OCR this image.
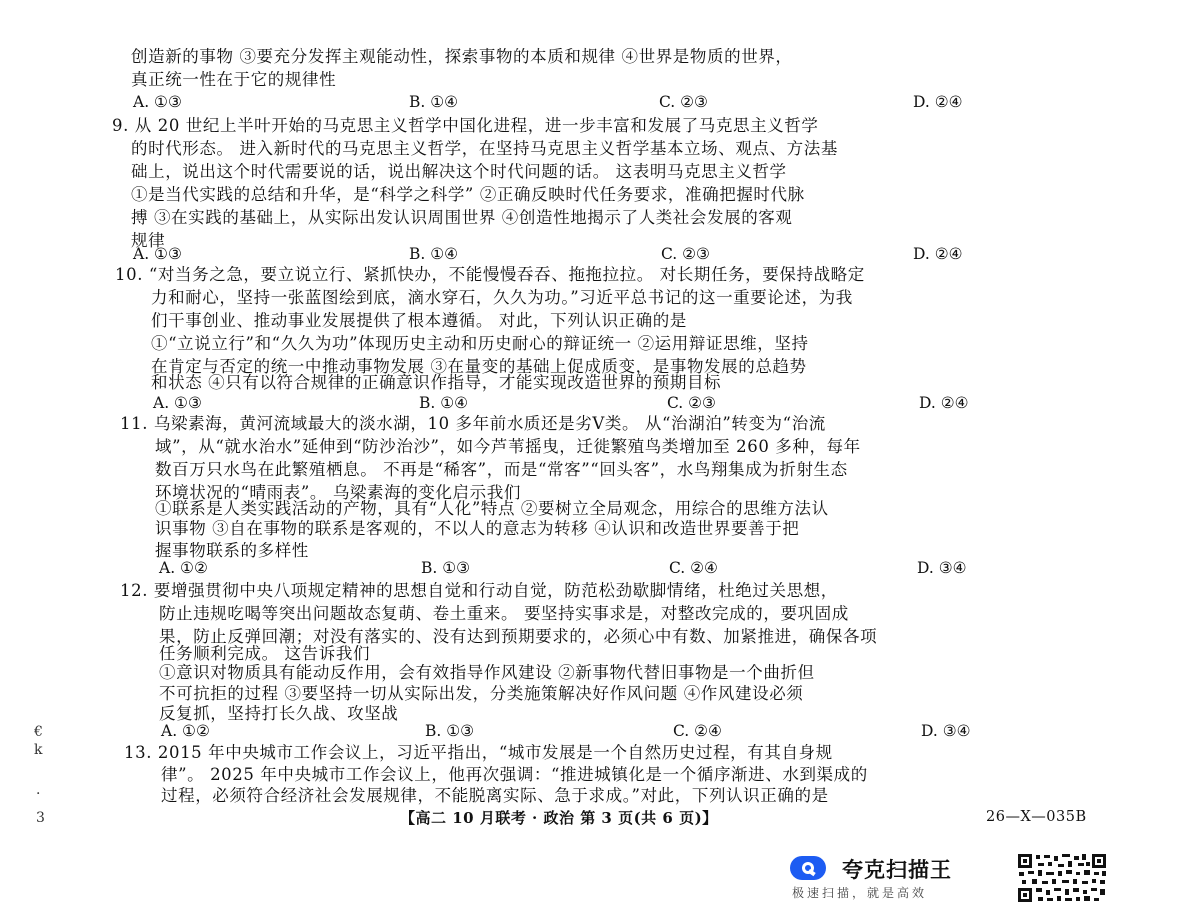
创造新的事物 ③要充分发挥主观能动性，探索事物的本质和规律 ④世界是物质的世界，
真正统一性在于它的规律性
A. ①③	B. ①④	C. ②③	D. ②④
9. 从 20 世纪上半叶开始的马克思主义哲学中国化进程，进一步丰富和发展了马克思主义哲学
的时代形态。 进入新时代的马克思主义哲学，在坚持马克思主义哲学基本立场、观点、方法基
础上，说出这个时代需要说的话，说出解决这个时代问题的话。 这表明马克思主义哲学
①是当代实践的总结和升华，是“科学之科学” ②正确反映时代任务要求，准确把握时代脉
搏 ③在实践的基础上，从实际出发认识周围世界 ④创造性地揭示了人类社会发展的客观
规律
A. ①③	B. ①④	C. ②③	D. ②④
10. “对当务之急，要立说立行、紧抓快办，不能慢慢吞吞、拖拖拉拉。 对长期任务，要保持战略定
力和耐心，坚持一张蓝图绘到底，滴水穿石，久久为功。”习近平总书记的这一重要论述，为我
们干事创业、推动事业发展提供了根本遵循。 对此，下列认识正确的是
①“立说立行”和“久久为功”体现历史主动和历史耐心的辩证统一 ②运用辩证思维，坚持
在肯定与否定的统一中推动事物发展 ③在量变的基础上促成质变，是事物发展的总趋势
和状态 ④只有以符合规律的正确意识作指导，才能实现改造世界的预期目标
A. ①③	B. ①④	C. ②③	D. ②④
11. 乌梁素海，黄河流域最大的淡水湖，10 多年前水质还是劣Ⅴ类。 从“治湖泊”转变为“治流
域”，从“就水治水”延伸到“防沙治沙”，如今芦苇摇曳，迁徙繁殖鸟类增加至 260 多种，每年
数百万只水鸟在此繁殖栖息。 不再是“稀客”，而是“常客”“回头客”，水鸟翔集成为折射生态
环境状况的“晴雨表”。 乌梁素海的变化启示我们
①联系是人类实践活动的产物，具有“人化”特点 ②要树立全局观念，用综合的思维方法认
识事物 ③自在事物的联系是客观的，不以人的意志为转移 ④认识和改造世界要善于把
握事物联系的多样性
A. ①②	B. ①③	C. ②④	D. ③④
12. 要增强贯彻中央八项规定精神的思想自觉和行动自觉，防范松劲歇脚情绪，杜绝过关思想，
防止违规吃喝等突出问题故态复萌、卷土重来。 要坚持实事求是，对整改完成的，要巩固成
果，防止反弹回潮；对没有落实的、没有达到预期要求的，必须心中有数、加紧推进，确保各项
任务顺利完成。 这告诉我们
①意识对物质具有能动反作用，会有效指导作风建设 ②新事物代替旧事物是一个曲折但
不可抗拒的过程 ③要坚持一切从实际出发，分类施策解决好作风问题 ④作风建设必须
反复抓，坚持打长久战、攻坚战
A. ①②	B. ①③	C. ②④	D. ③④
13. 2015 年中央城市工作会议上，习近平指出，“城市发展是一个自然历史过程，有其自身规
律”。 2025 年中央城市工作会议上，他再次强调：“推进城镇化是一个循序渐进、水到渠成的
过程，必须符合经济社会发展规律，不能脱离实际、急于求成。”对此，下列认识正确的是
€
k
·
3	【高二 10 月联考 · 政治 第 3 页(共 6 页)】	26—X—035B
夸克扫描王
极速扫描，就是高效
